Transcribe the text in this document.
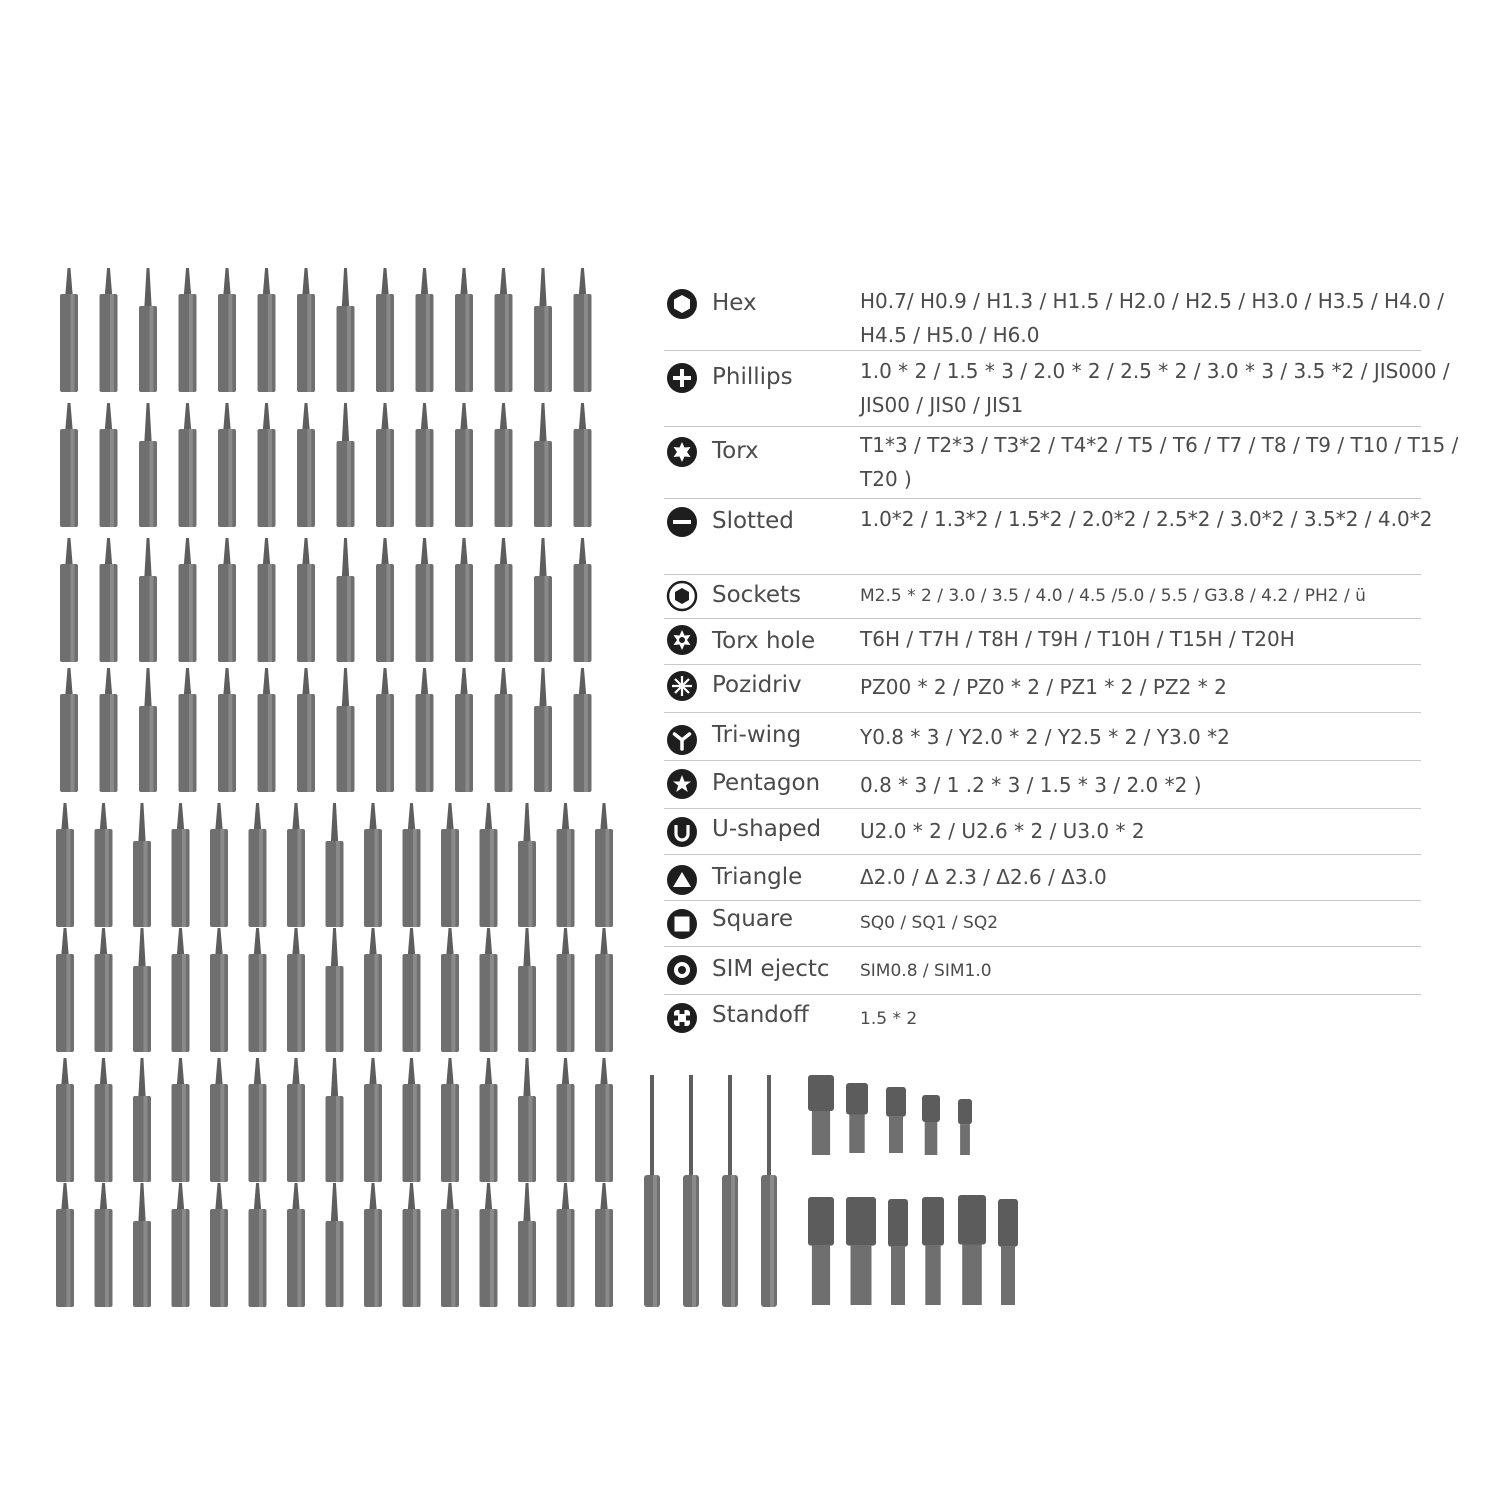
Hex	H0.7/ H0.9 / H1.3 / H1.5 / H2.0 / H2.5 / H3.0 / H3.5 / H4.0 / H4.5 / H5.0 / H6.0
Phillips	1.0 * 2 / 1.5 * 3 / 2.0 * 2 / 2.5 * 2 / 3.0 * 3 / 3.5 *2 / JIS000 / JIS00 / JIS0 / JIS1
Torx	T1*3 / T2*3 / T3*2 / T4*2 / T5 / T6 / T7 / T8 / T9 / T10 / T15 / T20 )
Slotted	1.0*2 / 1.3*2 / 1.5*2 / 2.0*2 / 2.5*2 / 3.0*2 / 3.5*2 / 4.0*2
Sockets	M2.5 * 2 / 3.0 / 3.5 / 4.0 / 4.5 /5.0 / 5.5 / G3.8 / 4.2 / PH2 / ü
Torx hole T6H / T7H / T8H / T9H / T10H / T15H / T20H
Pozidriv	PZ00 * 2 / PZ0 * 2 / PZ1 * 2 / PZ2 * 2
Tri-wing	Y0.8 * 3 / Y2.0 * 2 / Y2.5 * 2 / Y3.0 *2
Pentagon 0.8 * 3 / 1 .2 * 3 / 1.5 * 3 / 2.0 *2 )
U-shaped U2.0 * 2 / U2.6 * 2 / U3.0 * 2
Triangle	Δ2.0 / Δ 2.3 / Δ2.6 / Δ3.0
Square	SQ0 / SQ1 / SQ2
SIM ejectc SIM0.8 / SIM1.0
Standoff	1.5 * 2
